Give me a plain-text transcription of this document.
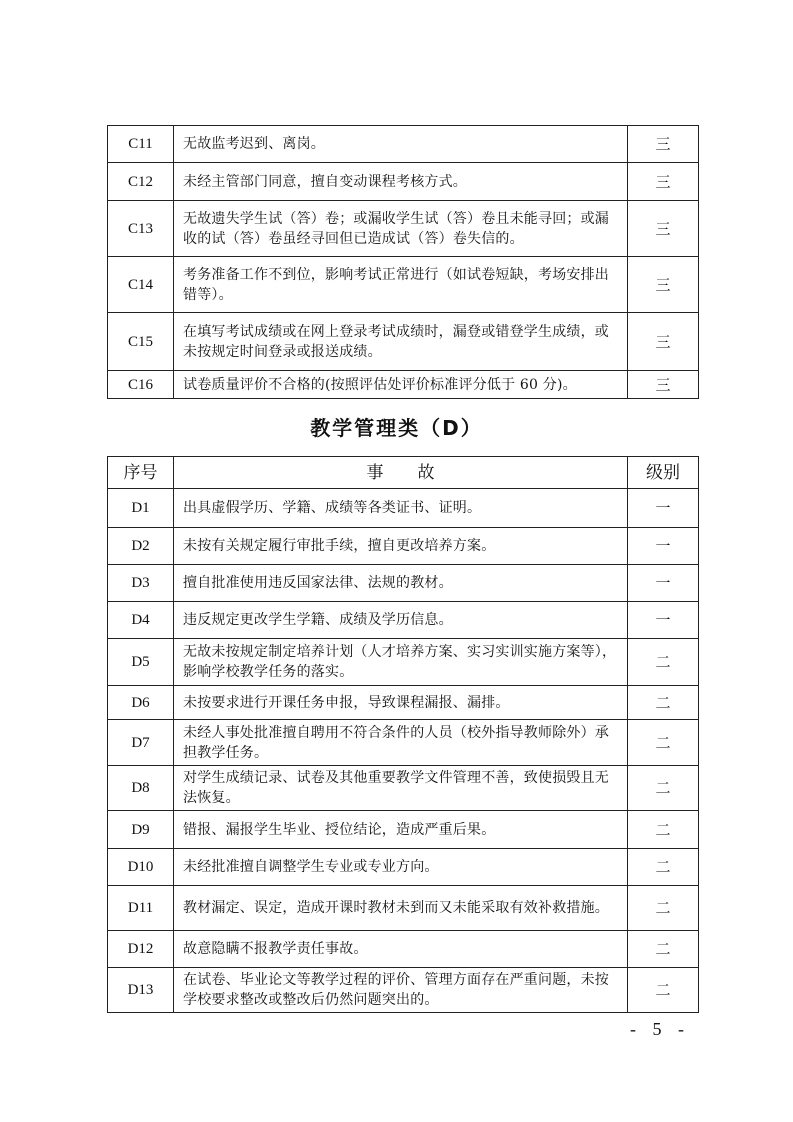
C11	无故监考迟到、离岗。	三
C12	未经主管部门同意，擅自变动课程考核方式。	三
C13	无故遗失学生试（答）卷；或漏收学生试（答）卷且未能寻回；或漏收的试（答）卷虽经寻回但已造成试（答）卷失信的。	三
C14	考务准备工作不到位，影响考试正常进行（如试卷短缺，考场安排出错等）。	三
C15	在填写考试成绩或在网上登录考试成绩时，漏登或错登学生成绩，或未按规定时间登录或报送成绩。	三
C16	试卷质量评价不合格的(按照评估处评价标准评分低于 60 分)。	三
教学管理类（D）
序号	事　　故	级别
D1	出具虚假学历、学籍、成绩等各类证书、证明。	一
D2	未按有关规定履行审批手续，擅自更改培养方案。	一
D3	擅自批准使用违反国家法律、法规的教材。	一
D4	违反规定更改学生学籍、成绩及学历信息。	一
D5	无故未按规定制定培养计划（人才培养方案、实习实训实施方案等），影响学校教学任务的落实。	二
D6	未按要求进行开课任务申报，导致课程漏报、漏排。	二
D7	未经人事处批准擅自聘用不符合条件的人员（校外指导教师除外）承担教学任务。	二
D8	对学生成绩记录、试卷及其他重要教学文件管理不善，致使损毁且无法恢复。	二
D9	错报、漏报学生毕业、授位结论，造成严重后果。	二
D10	未经批准擅自调整学生专业或专业方向。	二
D11	教材漏定、误定，造成开课时教材未到而又未能采取有效补救措施。	二
D12	故意隐瞒不报教学责任事故。	二
D13	在试卷、毕业论文等教学过程的评价、管理方面存在严重问题，未按学校要求整改或整改后仍然问题突出的。	二
- 5 -
